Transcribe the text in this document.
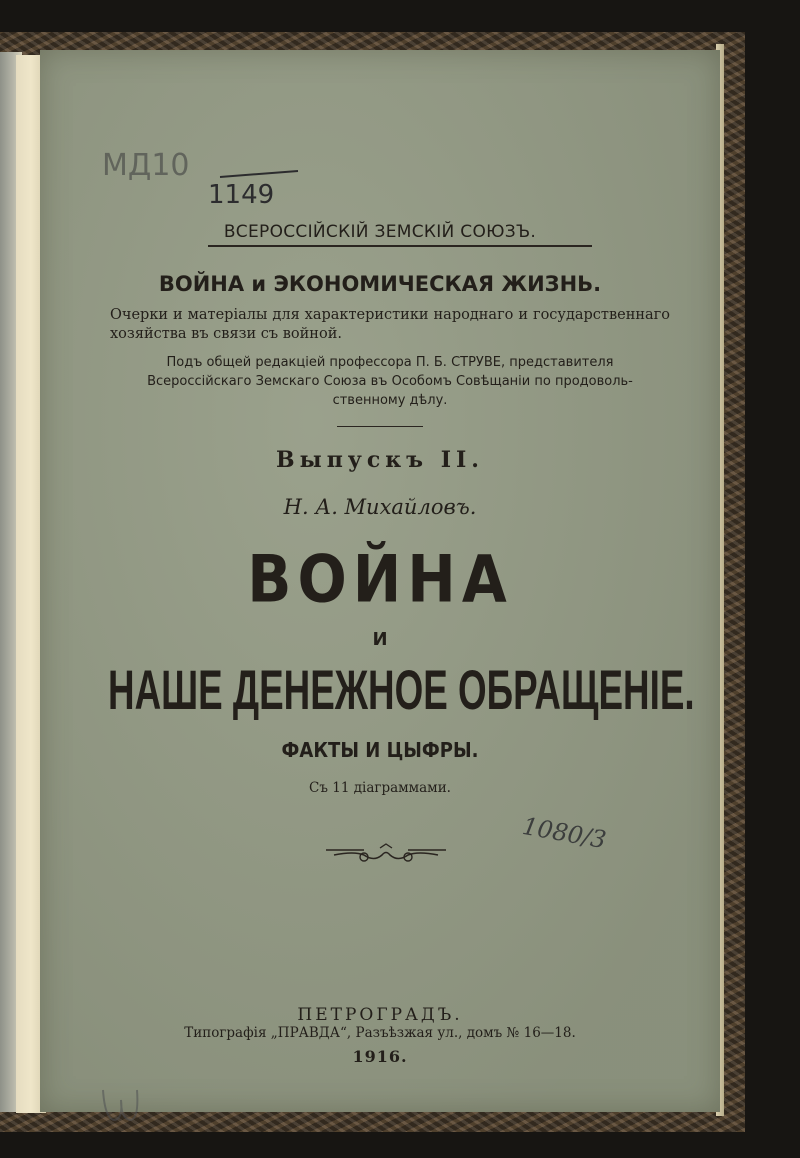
МД10
1149
ВСЕРОССІЙСКІЙ ЗЕМСКІЙ СОЮЗЪ.
ВОЙНА и ЭКОНОМИЧЕСКАЯ ЖИЗНЬ.
Очерки и матеріалы для характеристики народнаго и государственнаго хозяйства въ связи съ войной.
Подъ общей редакціей профессора П. Б. СТРУВЕ, представителя
Всероссійскаго Земскаго Союза въ Особомъ Совѣщаніи по продоволь-
ственному дѣлу.
Выпускъ II.
Н. А. Михайловъ.
ВОЙНА
И
НАШЕ ДЕНЕЖНОЕ ОБРАЩЕНІЕ.
ФАКТЫ И ЦЫФРЫ.
Съ 11 діаграммами.
1080/3
ПЕТРОГРАДЪ.
Типографія „ПРАВДА“, Разъѣзжая ул., домъ № 16—18.
1916.
